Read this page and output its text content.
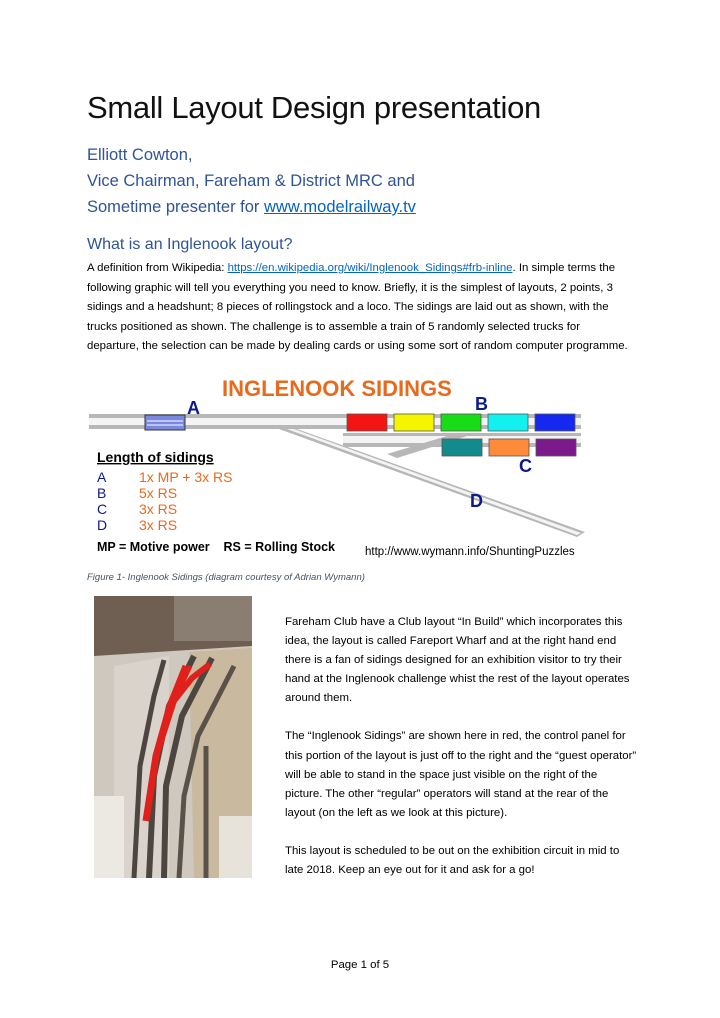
Small Layout Design presentation
Elliott Cowton,
Vice Chairman, Fareham & District MRC and
Sometime presenter for www.modelrailway.tv
What is an Inglenook layout?
A definition from Wikipedia: https://en.wikipedia.org/wiki/Inglenook_Sidings#frb-inline. In simple terms the following graphic will tell you everything you need to know. Briefly, it is the simplest of layouts, 2 points, 3 sidings and a headshunt; 8 pieces of rollingstock and a loco. The sidings are laid out as shown, with the trucks positioned as shown. The challenge is to assemble a train of 5 randomly selected trucks for departure, the selection can be made by dealing cards or using some sort of random computer programme.
INGLENOOK SIDINGS
A	B
C
D
Length of sidings
A 1x MP + 3x RS
B 5x RS
C 3x RS
D 3x RS
MP = Motive power    RS = Rolling Stock	http://www.wymann.info/ShuntingPuzzles
Figure 1- Inglenook Sidings (diagram courtesy of Adrian Wymann)

Fareham Club have a Club layout “In Build” which incorporates this idea, the layout is called Fareport Wharf and at the right hand end there is a fan of sidings designed for an exhibition visitor to try their hand at the Inglenook challenge whist the rest of the layout operates around them.

The “Inglenook Sidings” are shown here in red, the control panel for this portion of the layout is just off to the right and the “guest operator” will be able to stand in the space just visible on the right of the picture. The other “regular” operators will stand at the rear of the layout (on the left as we look at this picture).

This layout is scheduled to be out on the exhibition circuit in mid to late 2018. Keep an eye out for it and ask for a go!

Page 1 of 5
